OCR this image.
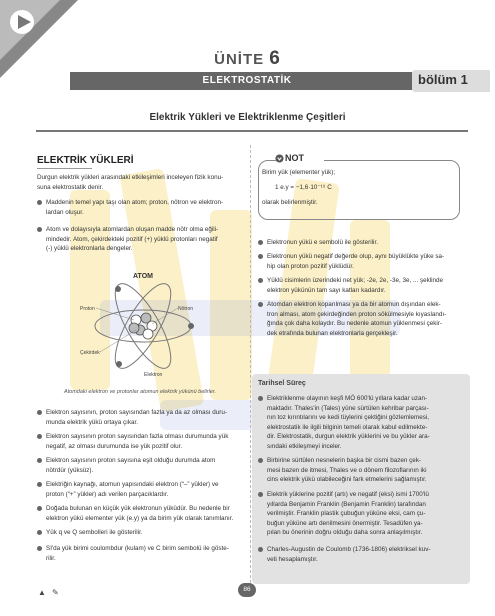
ÜNİTE 6
ELEKTROSTATİK	bölüm 1
Elektrik Yükleri ve Elektriklenme Çeşitleri
ELEKTRİK YÜKLERİ
Durgun elektrik yükleri arasındaki etkileşimleri inceleyen fizik konu-
suna elektrostatik denir.
Maddenin temel yapı taşı olan atom; proton, nötron ve elektron-
lardan oluşur.
Atom ve dolayısıyla atomlardan oluşan madde nötr olma eğili-
mindedir. Atom, çekirdekteki pozitif (+) yüklü protonları negatif
(-) yüklü elektronlarla dengeler.
ATOM
Proton	Nötron
Çekirdek
Elektron
Atomdaki elektron ve protonlar atomun elektrik yükünü belirler.
Elektron sayısının, proton sayısından fazla ya da az olması duru-
munda elektrik yükü ortaya çıkar.
Elektron sayısının proton sayısından fazla olması durumunda yük
negatif, az olması durumunda ise yük pozitif olur.
Elektron sayısının proton sayısına eşit olduğu durumda atom
nötrdür (yüksüz).
Elektriğin kaynağı, atomun yapısındaki elektron (“–” yükler) ve
proton (“+” yükler) adı verilen parçacıklardır.
Doğada bulunan en küçük yük elektronun yüküdür. Bu nedenle bir
elektron yükü elementer yük (e.y) ya da birim yük olarak tanımlanır.
Yük q ve Q sembolleri ile gösterilir.
SI'da yük birimi coulombdur (kulam) ve C birim sembolü ile göste-
rilir.
NOT
Birim yük (elementer yük);
1 e.y = −1,6·10⁻¹⁹ C
olarak belirlenmiştir.
Elektronun yükü e sembolü ile gösterilir.
Elektronun yükü negatif değerde olup, aynı büyüklükte yüke sa-
hip olan proton pozitif yüklüdür.
Yüklü cisimlerin üzerindeki net yük; -2e, 2e, -3e, 3e, ... şeklinde
elektron yükünün tam sayı katları kadardır.
Atomdan elektron koparılması ya da bir atomun dışından elek-
tron alması, atom çekirdeğinden proton sökülmesiyle kıyaslandı-
ğında çok daha kolaydır. Bu nedenle atomun yüklenmesi çekir-
dek etrafında bulunan elektronlarla gerçekleşir.
Tarihsel Süreç
Elektriklenme olayının keşfi MÖ 600'lü yıllara kadar uzan-
maktadır. Thales'in (Tales) yüne sürtülen kehribar parçası-
nın toz kırıntılarını ve kedi tüylerini çektiğini gözlemlemesi,
elektrostatik ile ilgili bilginin temeli olarak kabul edilmekte-
dir. Elektrostatik, durgun elektrik yüklerini ve bu yükler ara-
sındaki etkileşmeyi inceler.
Birbirine sürtülen nesnelerin başka bir cismi bazen çek-
mesi bazen de itmesi, Thales ve o dönem filozoflarının iki
cins elektrik yükü olabileceğini fark etmelerini sağlamıştır.
Elektrik yüklerine pozitif (artı) ve negatif (eksi) ismi 1700'lü
yıllarda Benjamin Franklin (Benjamin Franklin) tarafından
verilmiştir. Franklin plastik çubuğun yüküne eksi, cam çu-
buğun yüküne artı denilmesini önermiştir. Tesadüfen ya-
pılan bu önerinin doğru olduğu daha sonra anlaşılmıştır.
Charles-Augustin de Coulomb (1736-1806) elektriksel kuv-
veti hesaplamıştır.
▲ ✎	86
